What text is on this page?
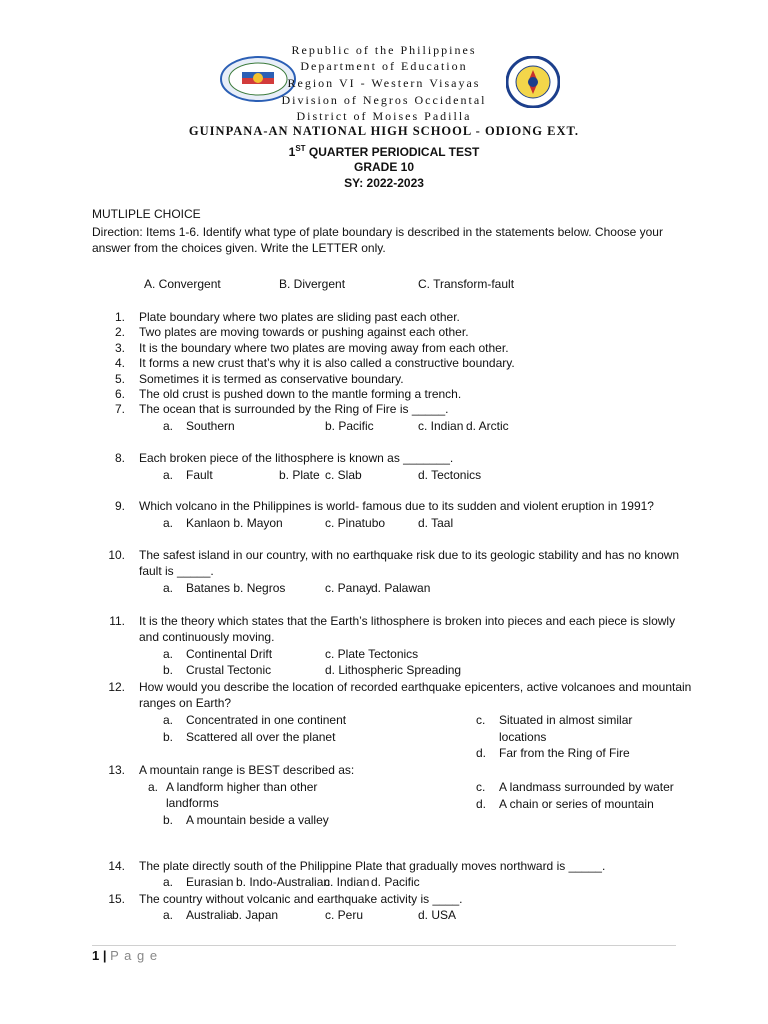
Republic of the Philippines
Department of Education
Region VI - Western Visayas
Division of Negros Occidental
District of Moises Padilla
GUINPANA-AN NATIONAL HIGH SCHOOL - ODIONG EXT.
1ST QUARTER PERIODICAL TEST
GRADE 10
SY: 2022-2023
MUTLIPLE CHOICE
Direction: Items 1-6. Identify what type of plate boundary is described in the statements below. Choose your
answer from the choices given. Write the LETTER only.
A. Convergent	B. Divergent	C. Transform-fault
1. Plate boundary where two plates are sliding past each other.
2. Two plates are moving towards or pushing against each other.
3. It is the boundary where two plates are moving away from each other.
4. It forms a new crust that’s why it is also called a constructive boundary.
5. Sometimes it is termed as conservative boundary.
6. The old crust is pushed down to the mantle forming a trench.
7. The ocean that is surrounded by the Ring of Fire is _____.
a. Southern	b. Pacific	c. Indian d. Arctic
8. Each broken piece of the lithosphere is known as _______.
a. Fault	b. Plate c. Slab	d. Tectonics
9. Which volcano in the Philippines is world- famous due to its sudden and violent eruption in 1991?
a. Kanlaon b. Mayon	c. Pinatubo	d. Taal
10. The safest island in our country, with no earthquake risk due to its geologic stability and has no known
fault is _____.
a. Batanes b. Negros	c. Panay d. Palawan
11. It is the theory which states that the Earth’s lithosphere is broken into pieces and each piece is slowly
and continuously moving.
a. Continental Drift	c. Plate Tectonics
b. Crustal Tectonic	d. Lithospheric Spreading
12. How would you describe the location of recorded earthquake epicenters, active volcanoes and mountain
ranges on Earth?
a. Concentrated in one continent	c. Situated in almost similar
b. Scattered all over the planet	locations
d. Far from the Ring of Fire
13. A mountain range is BEST described as:
a. A landform higher than other
landforms
c. A landmass surrounded by water
d. A chain or series of mountain
b. A mountain beside a valley
14. The plate directly south of the Philippine Plate that gradually moves northward is _____.
a. Eurasian b. Indo-Australian
c. Indian d. Pacific
15. The country without volcanic and earthquake activity is ____.
a. Australia b. Japan	c. Peru	d. USA
1 | P a g e
